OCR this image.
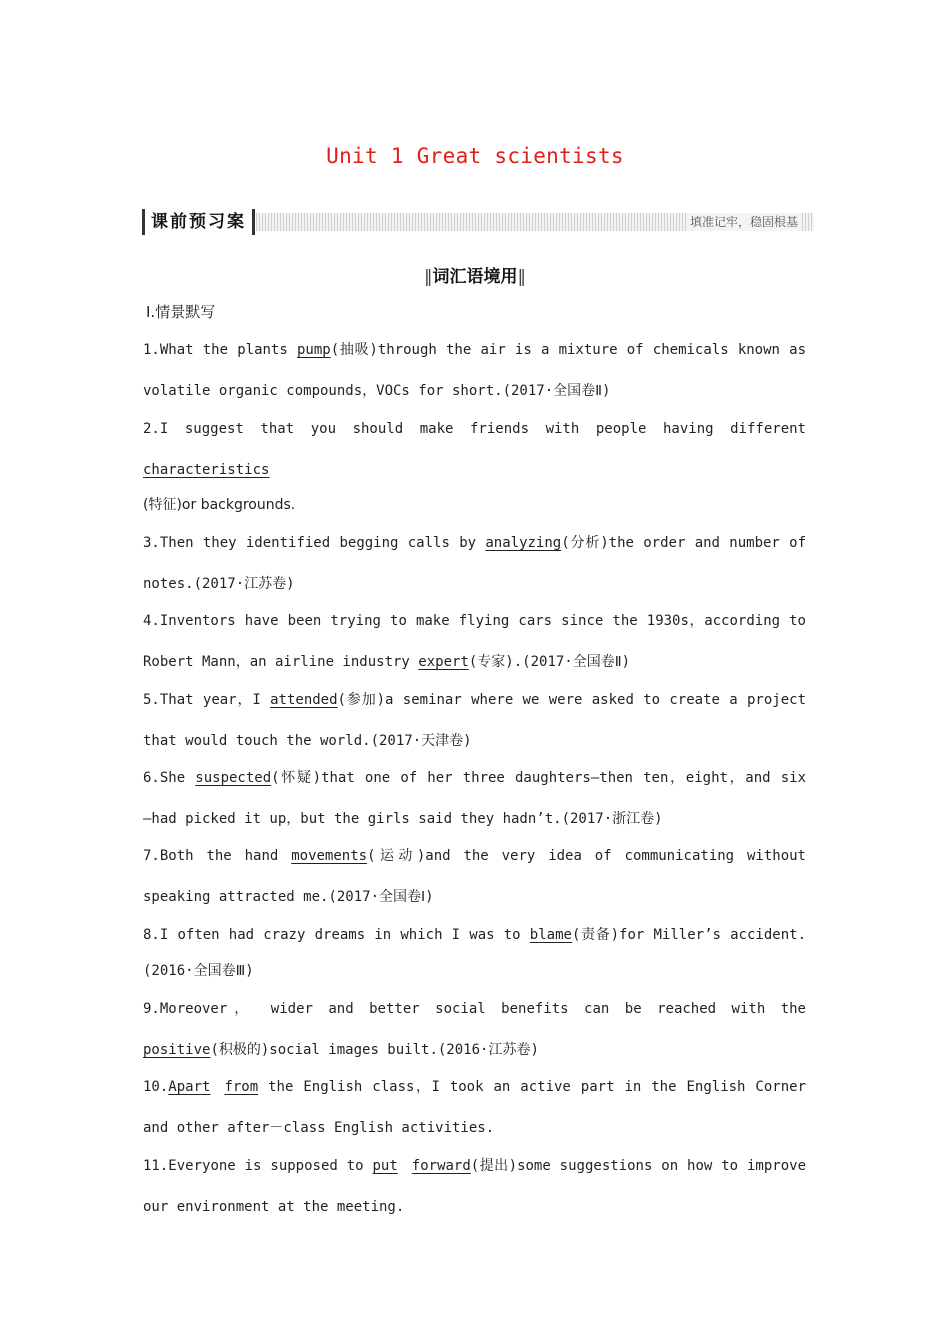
Unit 1 Great scientists
课前预习案	填准记牢，稳固根基
‖词汇语境用‖
Ⅰ.情景默写
1.What the plants pump(抽吸)through the air is a mixture of chemicals known as
volatile organic compounds，VOCs for short.(2017·全国卷Ⅱ)
2.I suggest that you should make friends with people having different
characteristics
(特征)or backgrounds.
3.Then they identified begging calls by analyzing(分析)the order and number of
notes.(2017·江苏卷)
4.Inventors have been trying to make flying cars since the 1930s，according to
Robert Mann，an airline industry expert(专家).(2017·全国卷Ⅱ)
5.That year，I attended(参加)a seminar where we were asked to create a project
that would touch the world.(2017·天津卷)
6.She suspected(怀疑)that one of her three daughters—then ten，eight，and six
—had picked it up，but the girls said they hadn’t.(2017·浙江卷)
7.Both the hand movements(运动)and the very idea of communicating without
speaking attracted me.(2017·全国卷Ⅰ)
8.I often had crazy dreams in which I was to blame(责备)for Miller’s accident.
(2016·全国卷Ⅲ)
9.Moreover， wider and better social benefits can be reached with the
positive(积极的)social images built.(2016·江苏卷)
10.Apart from the English class，I took an active part in the English Corner
and other after－class English activities.
11.Everyone is supposed to put forward(提出)some suggestions on how to improve
our environment at the meeting.
